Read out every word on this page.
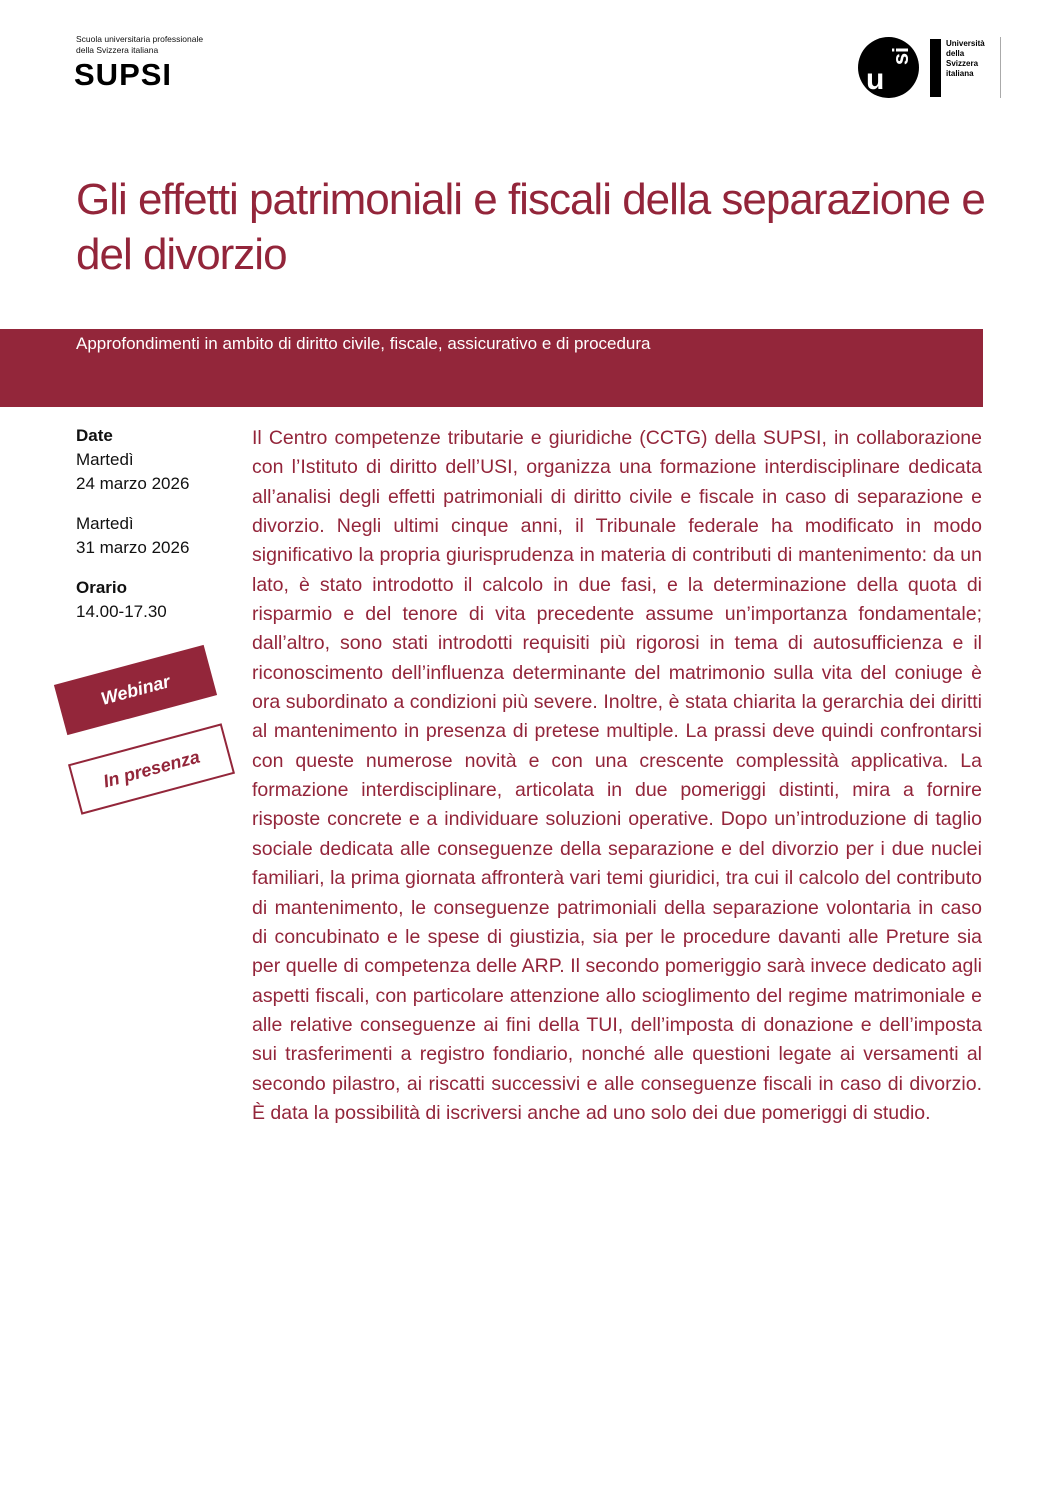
Scuola universitaria professionale
della Svizzera italiana
SUPSI	u
si
Università
della
Svizzera
italiana
Gli effetti patrimoniali e fiscali della separazione e del divorzio
Approfondimenti in ambito di diritto civile, fiscale, assicurativo e di procedura
Date
Martedì
24 marzo 2026
Martedì
31 marzo 2026
Orario
14.00-17.30
Webinar
In presenza

Il Centro competenze tributarie e giuridiche (CCTG) della SUPSI, in collaborazione con l’Istituto di diritto dell’USI, organizza una formazione interdisciplinare dedicata all’analisi degli effetti patrimoniali di diritto civile e fiscale in caso di separazione e divorzio. Negli ultimi cinque anni, il Tribunale federale ha modificato in modo significativo la propria giurisprudenza in materia di contributi di mantenimento: da un lato, è stato introdotto il calcolo in due fasi, e la determinazione della quota di risparmio e del tenore di vita precedente assume un’importanza fondamentale; dall’altro, sono stati introdotti requisiti più rigorosi in tema di autosufficienza e il riconoscimento dell’influenza determinante del matrimonio sulla vita del coniuge è ora subordinato a condizioni più severe. Inoltre, è stata chiarita la gerarchia dei diritti al mantenimento in presenza di pretese multiple. La prassi deve quindi confrontarsi con queste numerose novità e con una crescente complessità applicativa. La formazione interdisciplinare, articolata in due pomeriggi distinti, mira a fornire risposte concrete e a individuare soluzioni operative. Dopo un’introduzione di taglio sociale dedicata alle conseguenze della separazione e del divorzio per i due nuclei familiari, la prima giornata affronterà vari temi giuridici, tra cui il calcolo del contributo di mantenimento, le conseguenze patrimoniali della separazione volontaria in caso di concubinato e le spese di giustizia, sia per le procedure davanti alle Preture sia per quelle di competenza delle ARP. Il secondo pomeriggio sarà invece dedicato agli aspetti fiscali, con particolare attenzione allo scioglimento del regime matrimoniale e alle relative conseguenze ai fini della TUI, dell’imposta di donazione e dell’imposta sui trasferimenti a registro fondiario, nonché alle questioni legate ai versamenti al secondo pilastro, ai riscatti successivi e alle conseguenze fiscali in caso di divorzio. È data la possibilità di iscriversi anche ad uno solo dei due pomeriggi di studio.
